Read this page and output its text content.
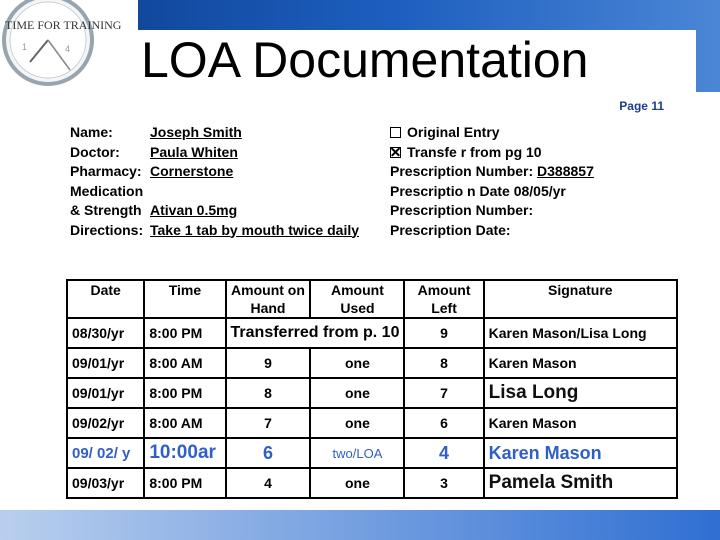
TIME FOR TRAINING
1	4 LOA Documentation
Page 11
Name:	Joseph Smith
Doctor: Paula Whiten
Pharmacy: Cornerstone
Medication
& Strength Ativan 0.5mg
Directions: Take 1 tab by mouth twice daily
Original Entry
Transfe r from pg 10
Prescription Number: D388857
Prescriptio n Date 08/05/yr
Prescription Number:
Prescription Date:
Date	Time	Amount on Hand	Amount Used	Amount Left	Signature
08/30/yr	8:00 PM	Transferred from p. 10		9	Karen Mason/Lisa Long
09/01/yr	8:00 AM	9	one	8	Karen Mason
09/01/yr	8:00 PM	8	one	7	Lisa Long
09/02/yr	8:00 AM	7	one	6	Karen Mason
09/ 02/ y	10:00ar	6	two/LOA	4	Karen Mason
09/03/yr	8:00 PM	4	one	3	Pamela Smith
